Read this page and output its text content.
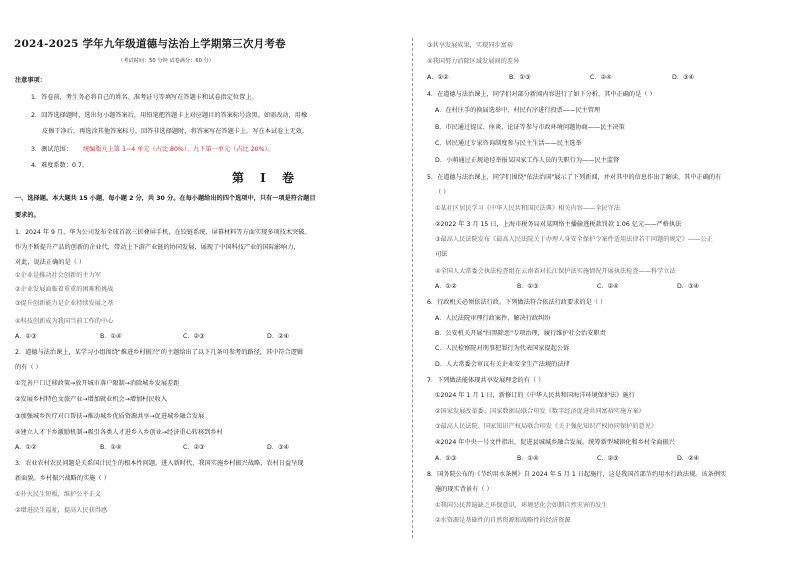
2024-2025 学年九年级道德与法治上学期第三次月考卷
（考试时间：50 分钟 试卷满分：60 分）
注意事项：
1．答卷前，考生务必将自己的姓名、准考证号等填写在答题卡和试卷指定位置上。
2．回答选择题时，选出每小题答案后，用铅笔把答题卡上对应题目的答案标号涂黑。如需改动，用橡
皮擦干净后，再选涂其他答案标号。回答非选择题时，将答案写在答题卡上。写在本试卷上无效。
3．测试范围： 统编版九上第 1~4 单元（占比 80%）、九下第一单元（占比 20%）。
4．难度系数：0.7。
第 I 卷
一、选择题。本大题共 15 小题，每小题 2 分，共 30 分。在每小题给出的四个选项中，只有一项是符合题目
要求的。
1．2024 年 9 月，华为公司发布全球首款三折叠屏手机，在铰链系统、屏幕材料等方面实现多项技术突破。
作为不断提升产品的创新的企业代，带动上下游产业链的协同发展，展现了中国科技产业的国际影响力，
对此，说法正确的是（ ）
①企业是推动社会创新的主力军
②企业发展面临着重重的困难和挑战
③提升创新能力是企业持续发展之基
④科技创新成为我国当前工作的中心
A．①③	B．①④	C．②③	D．②④
2．道德与法治课上，某学习小组围绕"推进乡村振兴"的主题给出了以下几条可参考的路径，其中符合逻辑
的有（ ）
①完善户口迁移政策→放开城市落户限制→消除城乡发展差距
②发展乡村特色文旅产业→增加就业机会→增加村民收入
③加强城乡医疗对口帮扶→推动城乡优质资源共享→促进城乡融合发展
④建立人才下乡激励机制→吸引各类人才进乡入乡创业→经济重心转移到乡村
A．①②	B．①④	C．②③	D．③④
3．农业农村农民问题是关系国计民生的根本性问题。进入新时代，我国实施乡村振兴战略，农村日益呈现
新面貌。乡村振兴战略的实施（ ）
①扑灭民生短板，维护公平正义
②增进民生福祉，提高人民获得感
③共享发展成果，实现同步富裕
④我国努力消除区域发展间的差异
A．①②	B．①③	C．②④	D．③④
4．在道德与法治课上，同学们对部分新闻内容进行了如下分析，其中正确的是（ ）
A．在村庄手的换届选举中，村民有序进行投票——民主管理
B．市民通过提议、座谈、论证等参与市政环境问题协商——民主决策
C．居民通过专家咨询制度参与民主生活——民主选举
D．小萌通过正规途径举报某国家工作人员的失职行为——民主监督
5．在道德与法治课上，同学们围绕"依法治国"展示了下列新闻，并对其中的信息作出了解读，其中正确的有
（ ）
①某社区居民学习《中华人民共和国民法典》相关内容——全民守法
②2022 年 3 月 15 日，上海市税务局对某网络主播偷逃税款罚款 1.06 亿元——严格执法
③最高人民法院发布《最高人民法院关于办理人身安全保护令案件适用法律若干问题的规定》——公正
司法
④全国人大常委会执法检查组在云南省对长江保护法实施情况开展执法检查——科学立法
A．①②	B．①③	C．②④	D．③④
6．行政机关必须依法行政。下列做法符合依法行政要求的是（ ）
A．人民法院审理行政案件，解决行政纠纷
B．公安机关开展"扫黑除恶"专项治理，履行维护社会治安职责
C．人民检察院对刑事犯罪行为代表国家提起公诉
D．人大常委会审议有关企业安全生产法规的法律
7．下列做法能体现共享发展理念的有（ ）
①2024 年 1 月 1 日，新修订的《中华人民共和国海洋环境保护法》施行
②国家发展改革委、国家数据局联合印发《数字经济促进共同富裕实施方案》
③最高人民法院、国家知识产权局联合印发《关于强化知识产权协同保护的意见》
④2024 年中央一号文件指出，促进县城城乡融合发展，统筹新型城镇化和乡村全面振兴
A．①③	B．①④	C．②③	D．②④
8．国务院公布的《节约用水条例》自 2024 年 5 月 1 日起施行，这是我国首部节约用水行政法规。该条例实
施的现实背景有（ ）
①我国公民普遍缺乏环保意识，环境恶化会如期自然灾害的发生
②水资源是基础性的自然资源和战略性的经济资源
